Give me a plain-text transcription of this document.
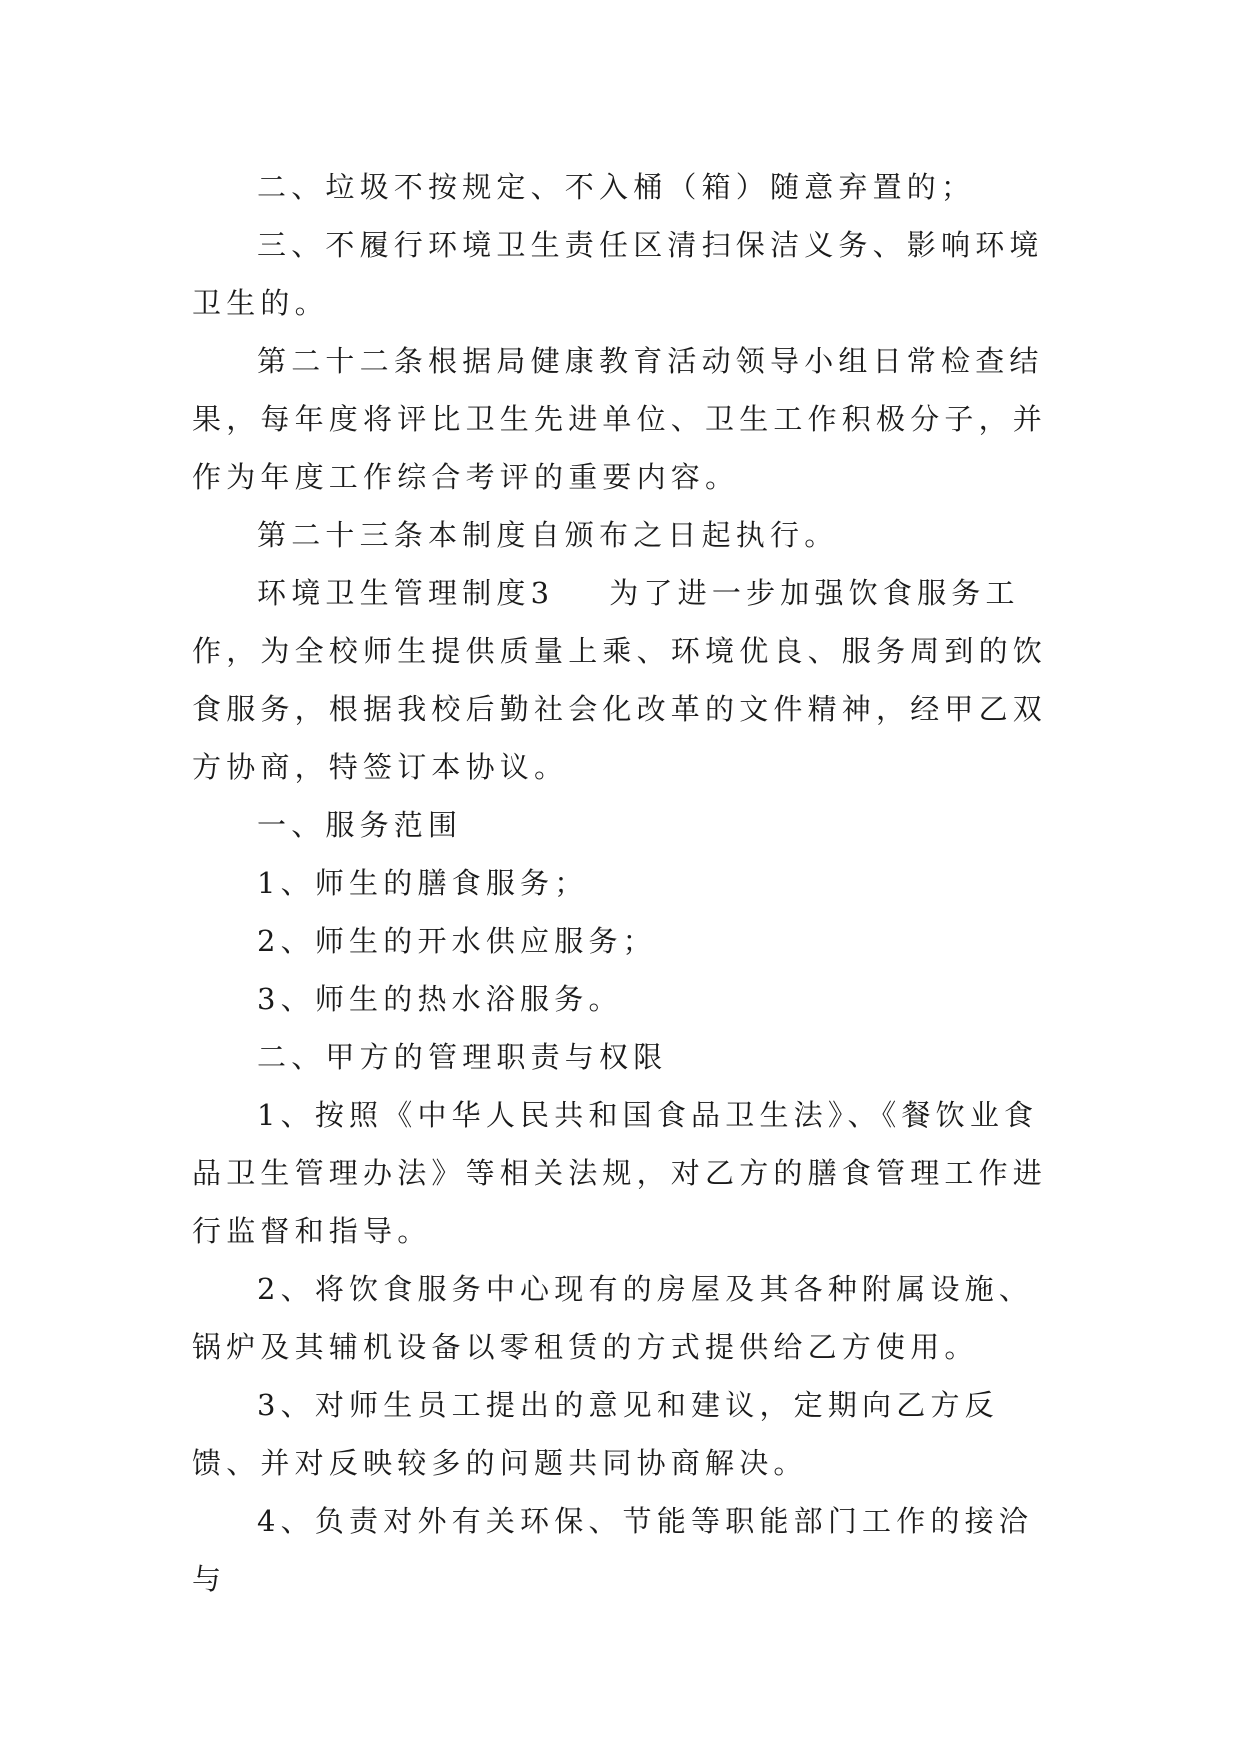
二、垃圾不按规定、不入桶（箱）随意弃置的；

三、不履行环境卫生责任区清扫保洁义务、影响环境卫生的。

第二十二条根据局健康教育活动领导小组日常检查结果，每年度将评比卫生先进单位、卫生工作积极分子，并作为年度工作综合考评的重要内容。

第二十三条本制度自颁布之日起执行。

环境卫生管理制度3 为了进一步加强饮食服务工作，为全校师生提供质量上乘、环境优良、服务周到的饮食服务，根据我校后勤社会化改革的文件精神，经甲乙双方协商，特签订本协议。

一、服务范围

1、师生的膳食服务；

2、师生的开水供应服务；

3、师生的热水浴服务。

二、甲方的管理职责与权限

1、按照《中华人民共和国食品卫生法》、《餐饮业食品卫生管理办法》等相关法规，对乙方的膳食管理工作进行监督和指导。

2、将饮食服务中心现有的房屋及其各种附属设施、锅炉及其辅机设备以零租赁的方式提供给乙方使用。

3、对师生员工提出的意见和建议，定期向乙方反馈、并对反映较多的问题共同协商解决。

4、负责对外有关环保、节能等职能部门工作的接洽与
